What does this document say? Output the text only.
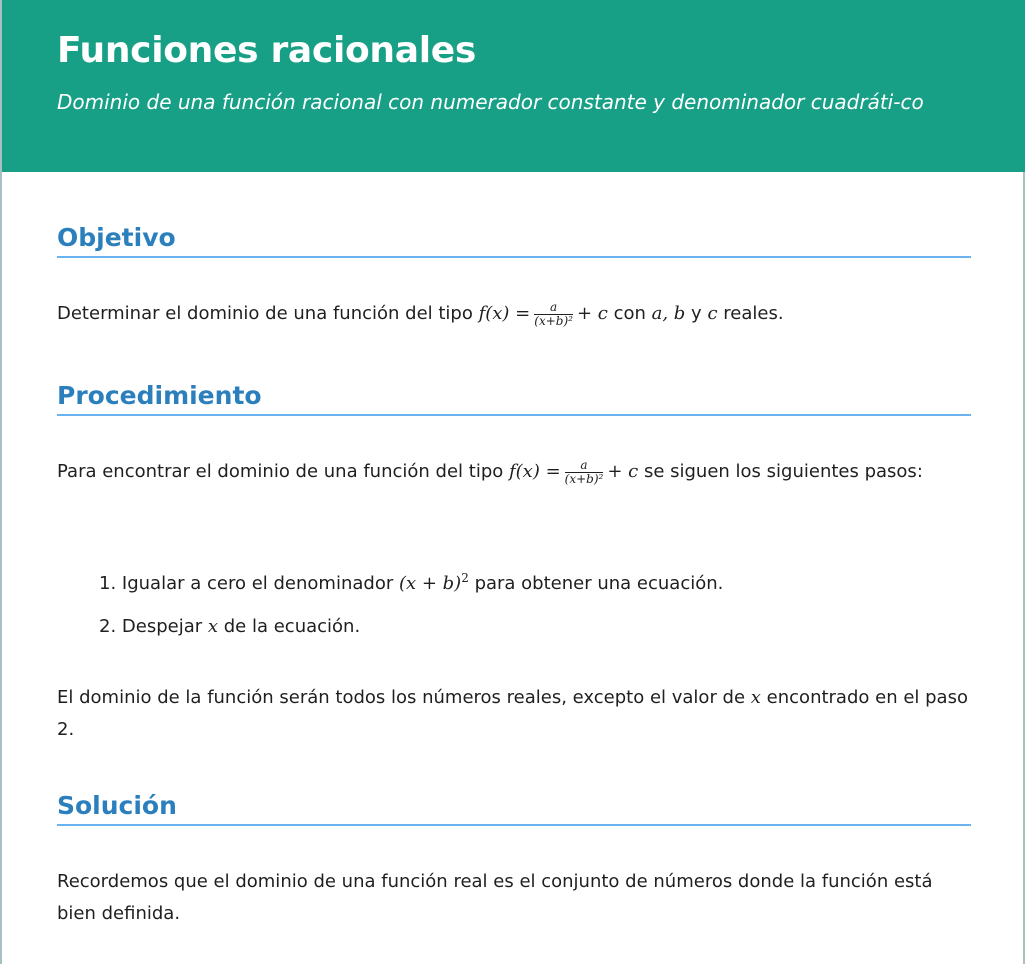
Funciones racionales
Dominio de una función racional con numerador constante y denominador cuadráti-co
Objetivo
Determinar el dominio de una función del tipo $f(x) = \frac{a}{\text{(x+b)²}} + c$ con a, b y c reales.
Procedimiento
Para encontrar el dominio de una función del tipo $f(x) = \frac{a}{\text{(x+b)²}} + c$ se siguen los siguientes pasos:
1. Igualar a cero el denominador $(x + b)^2$ para obtener una ecuación.
2. Despejar x de la ecuación.
El dominio de la función serán todos los números reales, excepto el valor de x encontrado en el paso 2.
Solución
Recordemos que el dominio de una función real es el conjunto de números donde la función está bien definida.
